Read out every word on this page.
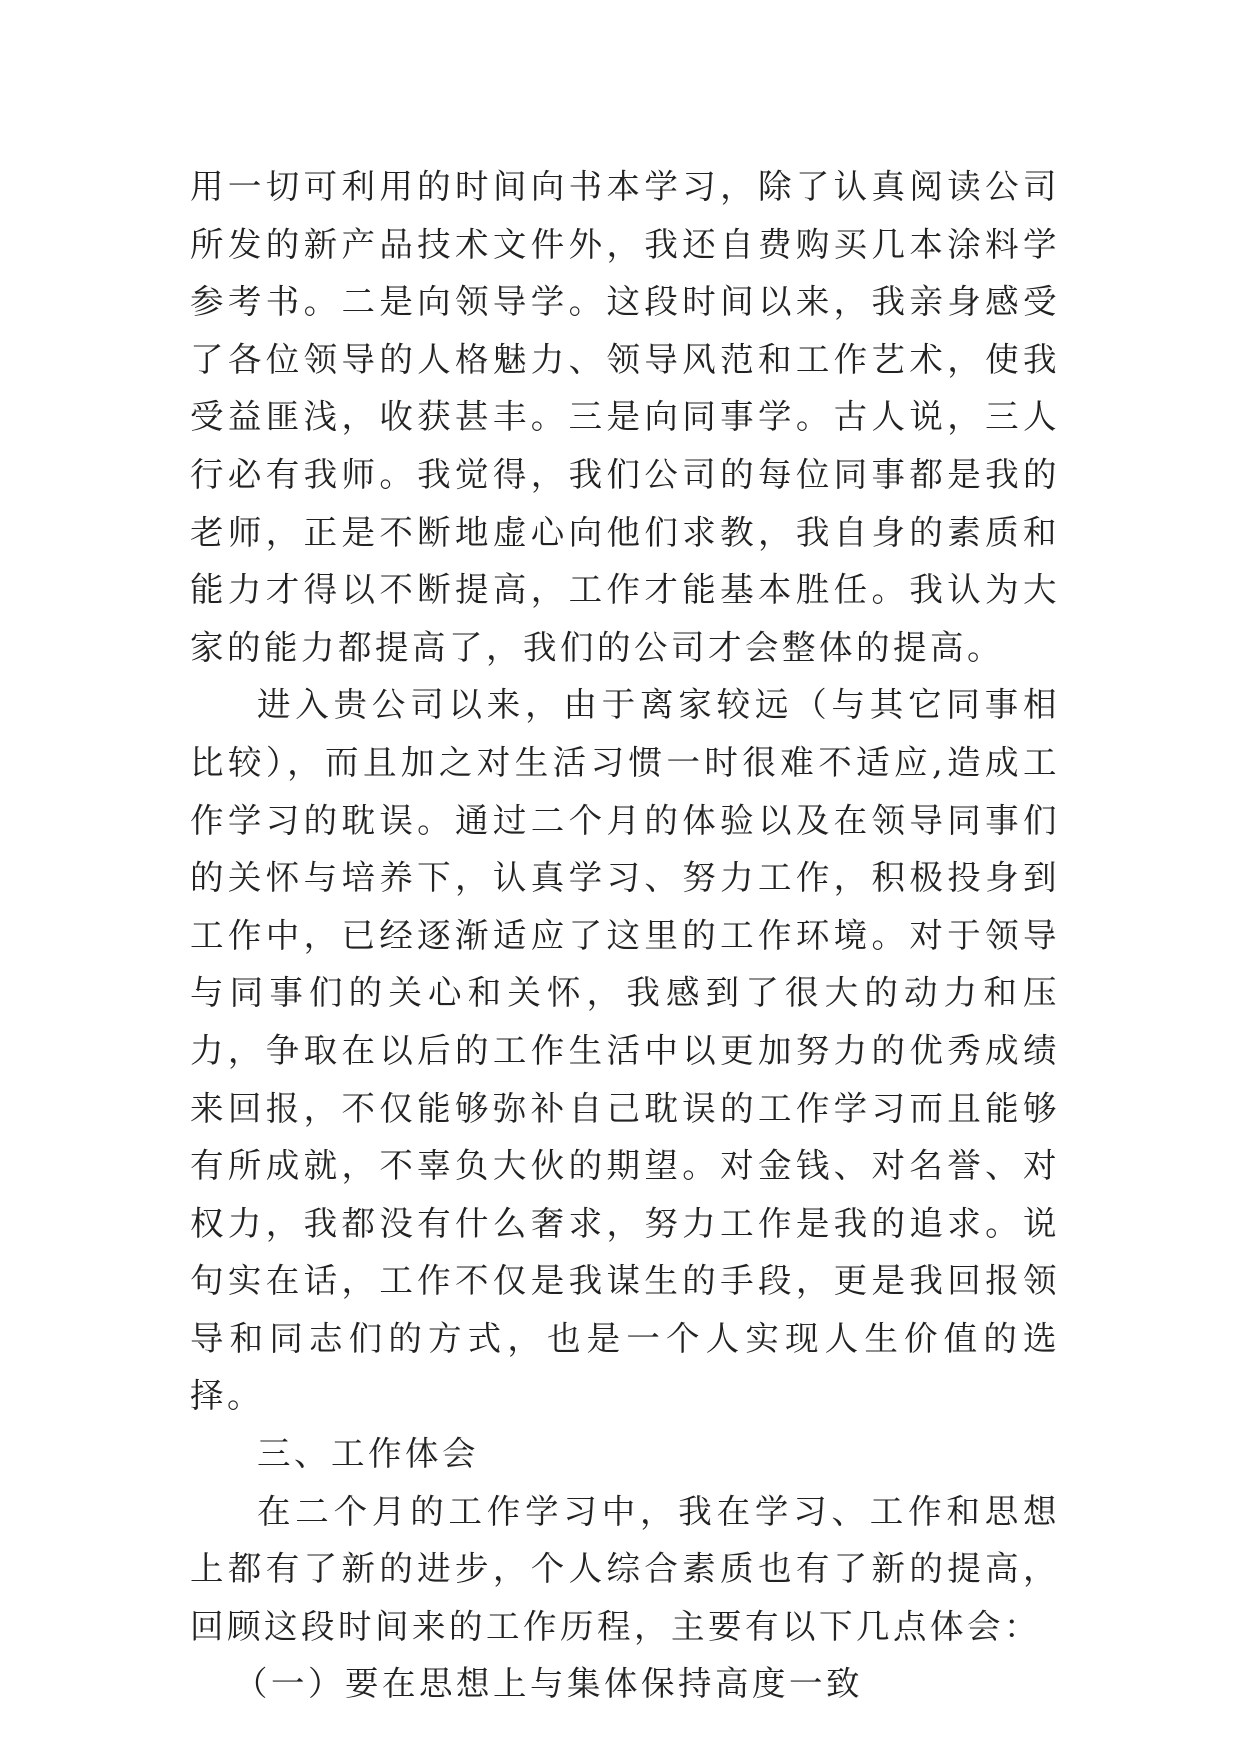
用一切可利用的时间向书本学习，除了认真阅读公司所发的新产品技术文件外，我还自费购买几本涂料学参考书。二是向领导学。这段时间以来，我亲身感受了各位领导的人格魅力、领导风范和工作艺术，使我受益匪浅，收获甚丰。三是向同事学。古人说，三人行必有我师。我觉得，我们公司的每位同事都是我的老师，正是不断地虚心向他们求教，我自身的素质和能力才得以不断提高，工作才能基本胜任。我认为大家的能力都提高了，我们的公司才会整体的提高。

进入贵公司以来，由于离家较远（与其它同事相比较），而且加之对生活习惯一时很难不适应,造成工作学习的耽误。通过二个月的体验以及在领导同事们的关怀与培养下，认真学习、努力工作，积极投身到工作中，已经逐渐适应了这里的工作环境。对于领导与同事们的关心和关怀，我感到了很大的动力和压力，争取在以后的工作生活中以更加努力的优秀成绩来回报，不仅能够弥补自己耽误的工作学习而且能够有所成就，不辜负大伙的期望。对金钱、对名誉、对权力，我都没有什么奢求，努力工作是我的追求。说句实在话，工作不仅是我谋生的手段，更是我回报领导和同志们的方式，也是一个人实现人生价值的选择。

三、工作体会

在二个月的工作学习中，我在学习、工作和思想上都有了新的进步，个人综合素质也有了新的提高，回顾这段时间来的工作历程，主要有以下几点体会：

（一）要在思想上与集体保持高度一致
